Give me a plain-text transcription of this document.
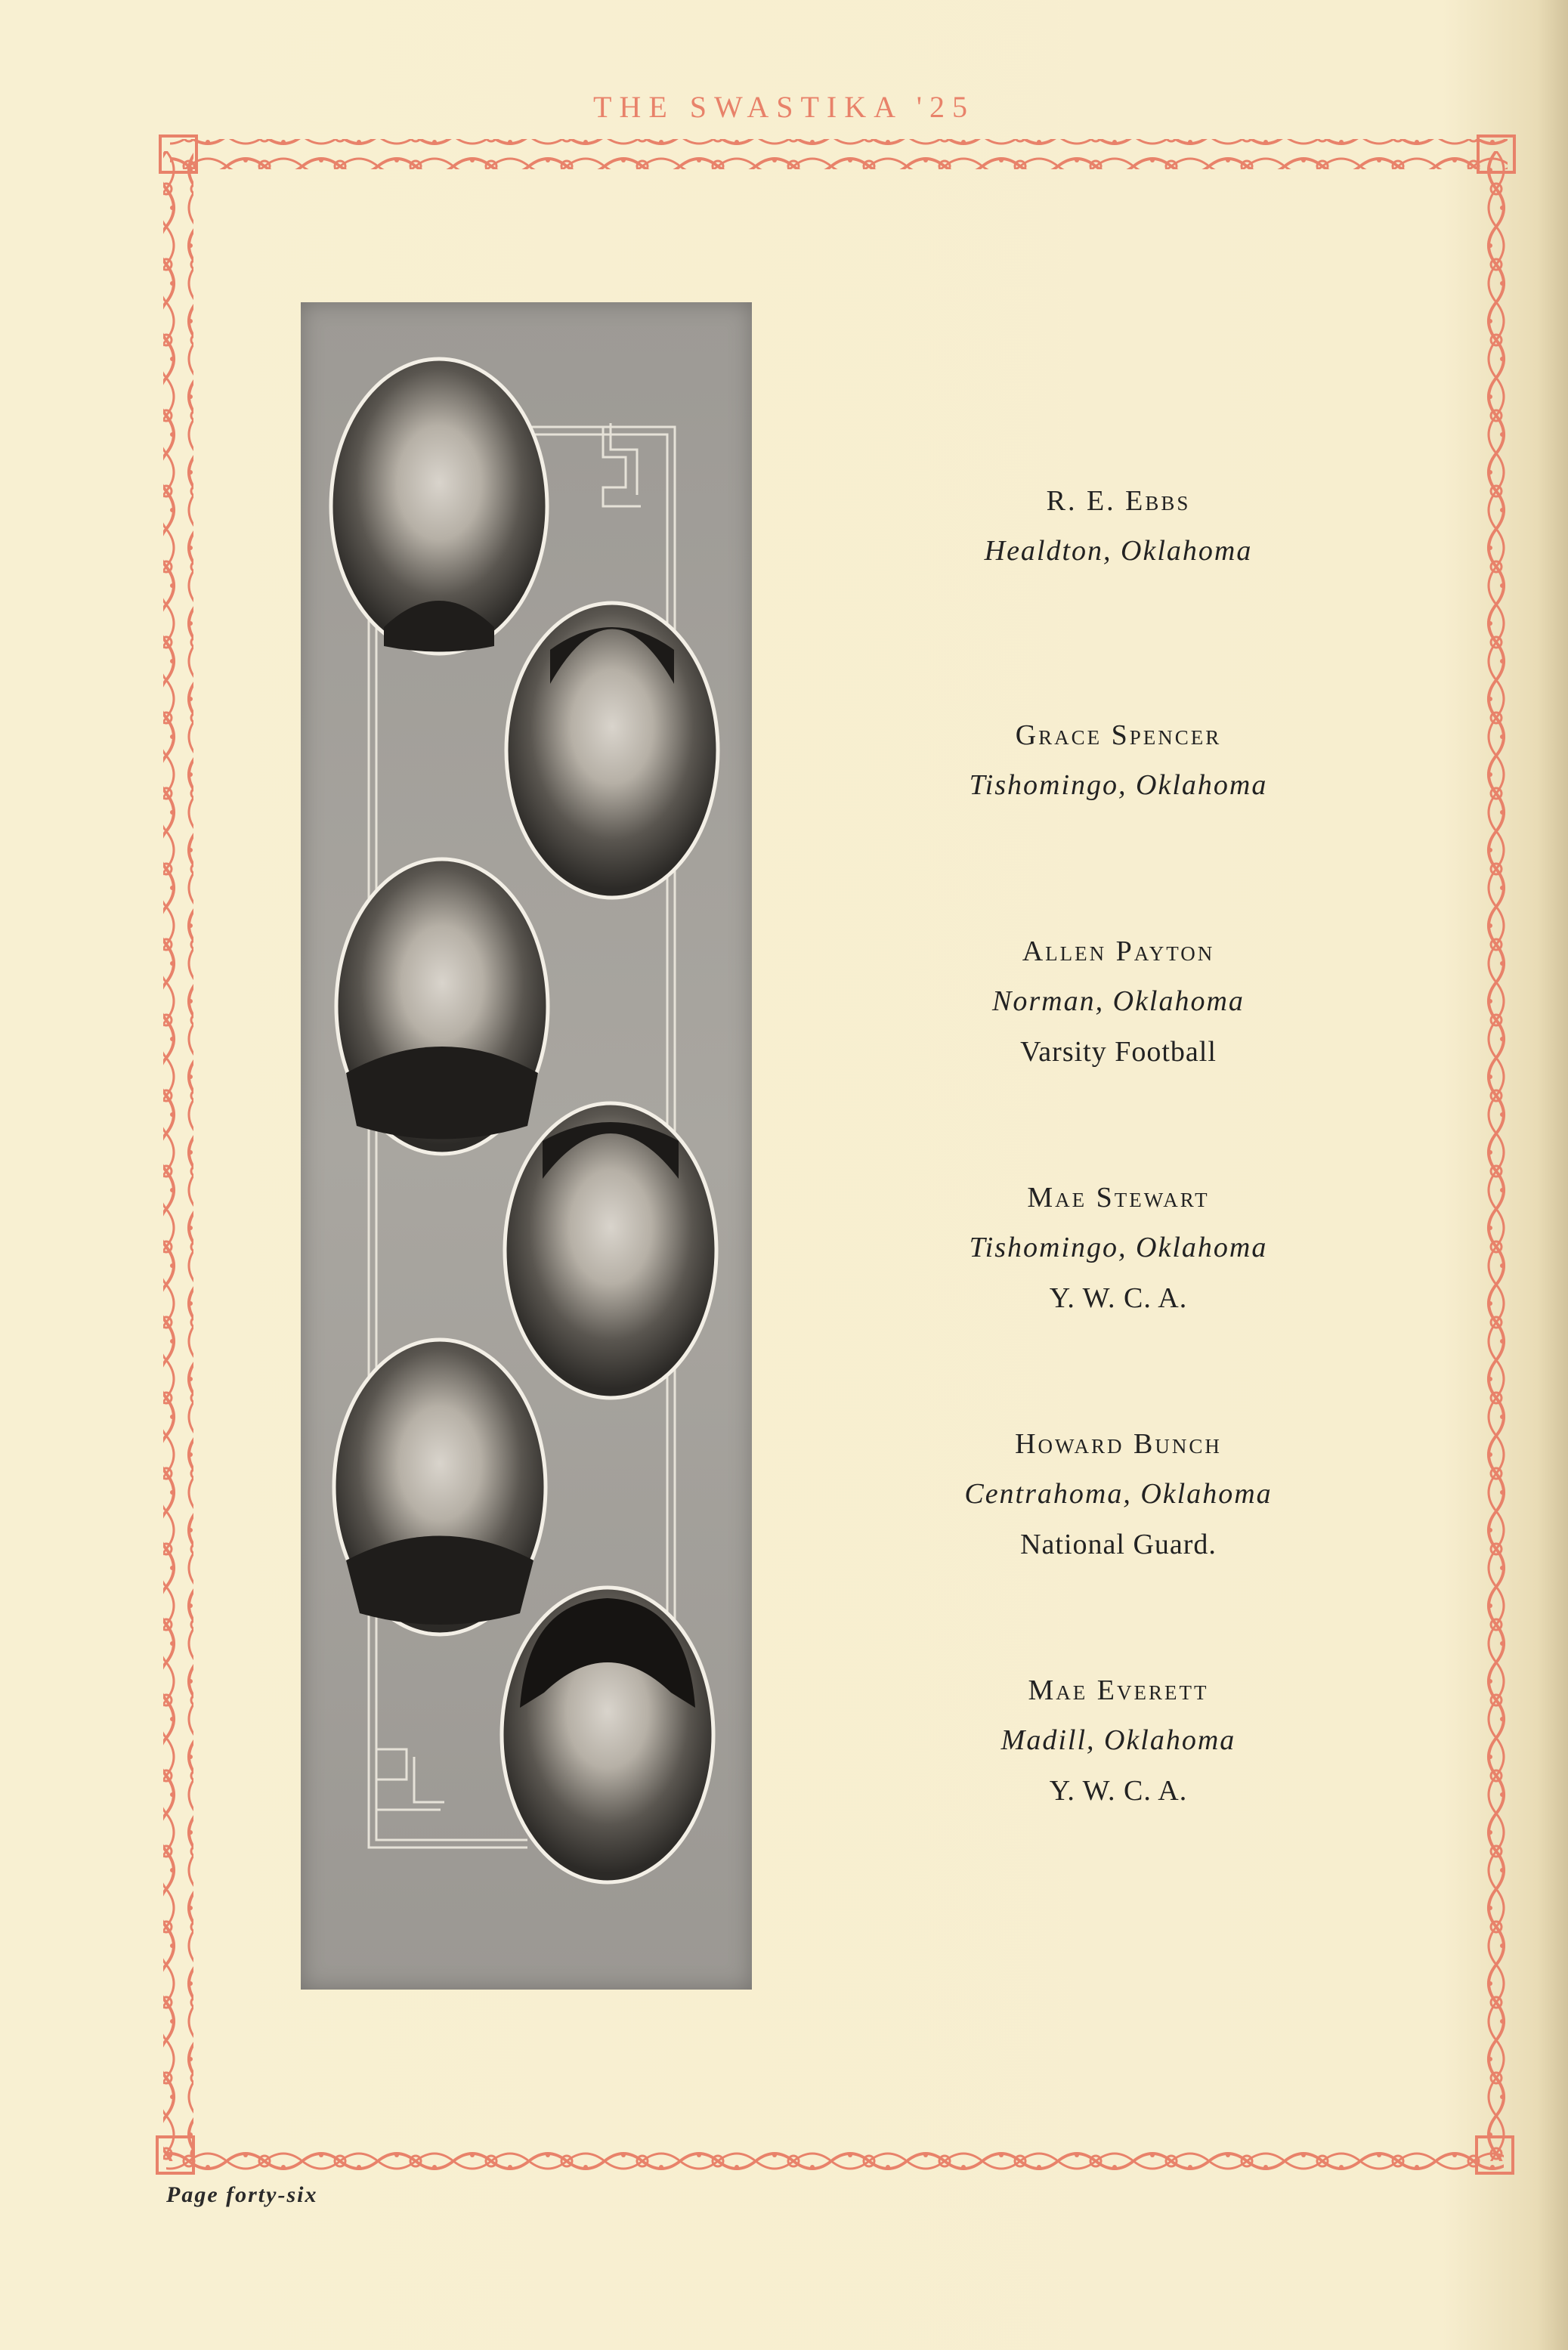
THE SWASTIKA '25
R. E. Ebbs
Healdton, Oklahoma
Grace Spencer
Tishomingo, Oklahoma
Allen Payton
Norman, Oklahoma
Varsity Football
Mae Stewart
Tishomingo, Oklahoma
Y. W. C. A.
Howard Bunch
Centrahoma, Oklahoma
National Guard.
Mae Everett
Madill, Oklahoma
Y. W. C. A.
Page forty-six
